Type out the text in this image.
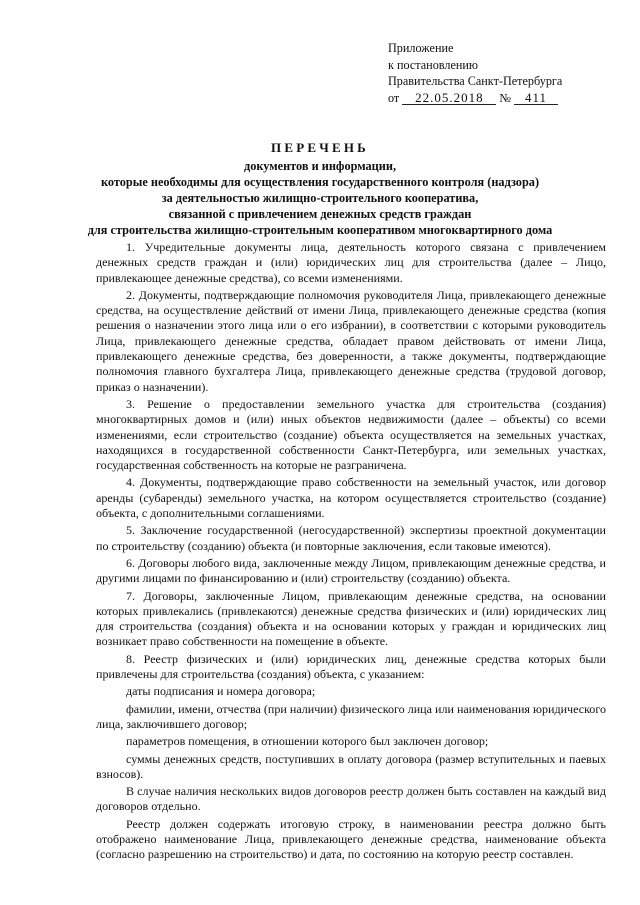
Приложение
к постановлению
Правительства Санкт-Петербурга
от 22.05.2018 № 411
ПЕРЕЧЕНЬ
документов и информации,
которые необходимы для осуществления государственного контроля (надзора)
за деятельностью жилищно-строительного кооператива,
связанной с привлечением денежных средств граждан
для строительства жилищно-строительным кооперативом многоквартирного дома

1. Учредительные документы лица, деятельность которого связана с привлечением денежных средств граждан и (или) юридических лиц для строительства (далее – Лицо, привлекающее денежные средства), со всеми изменениями.

2. Документы, подтверждающие полномочия руководителя Лица, привлекающего денежные средства, на осуществление действий от имени Лица, привлекающего денежные средства (копия решения о назначении этого лица или о его избрании), в соответствии с которыми руководитель Лица, привлекающего денежные средства, обладает правом действовать от имени Лица, привлекающего денежные средства, без доверенности, а также документы, подтверждающие полномочия главного бухгалтера Лица, привлекающего денежные средства (трудовой договор, приказ о назначении).

3. Решение о предоставлении земельного участка для строительства (создания) многоквартирных домов и (или) иных объектов недвижимости (далее – объекты) со всеми изменениями, если строительство (создание) объекта осуществляется на земельных участках, находящихся в государственной собственности Санкт-Петербурга, или земельных участках, государственная собственность на которые не разграничена.

4. Документы, подтверждающие право собственности на земельный участок, или договор аренды (субаренды) земельного участка, на котором осуществляется строительство (создание) объекта, с дополнительными соглашениями.

5. Заключение государственной (негосударственной) экспертизы проектной документации по строительству (созданию) объекта (и повторные заключения, если таковые имеются).

6. Договоры любого вида, заключенные между Лицом, привлекающим денежные средства, и другими лицами по финансированию и (или) строительству (созданию) объекта.

7. Договоры, заключенные Лицом, привлекающим денежные средства, на основании которых привлекались (привлекаются) денежные средства физических и (или) юридических лиц для строительства (создания) объекта и на основании которых у граждан и юридических лиц возникает право собственности на помещение в объекте.

8. Реестр физических и (или) юридических лиц, денежные средства которых были привлечены для строительства (создания) объекта, с указанием:

даты подписания и номера договора;

фамилии, имени, отчества (при наличии) физического лица или наименования юридического лица, заключившего договор;

параметров помещения, в отношении которого был заключен договор;

суммы денежных средств, поступивших в оплату договора (размер вступительных и паевых взносов).

В случае наличия нескольких видов договоров реестр должен быть составлен на каждый вид договоров отдельно.

Реестр должен содержать итоговую строку, в наименовании реестра должно быть отображено наименование Лица, привлекающего денежные средства, наименование объекта (согласно разрешению на строительство) и дата, по состоянию на которую реестр составлен.
